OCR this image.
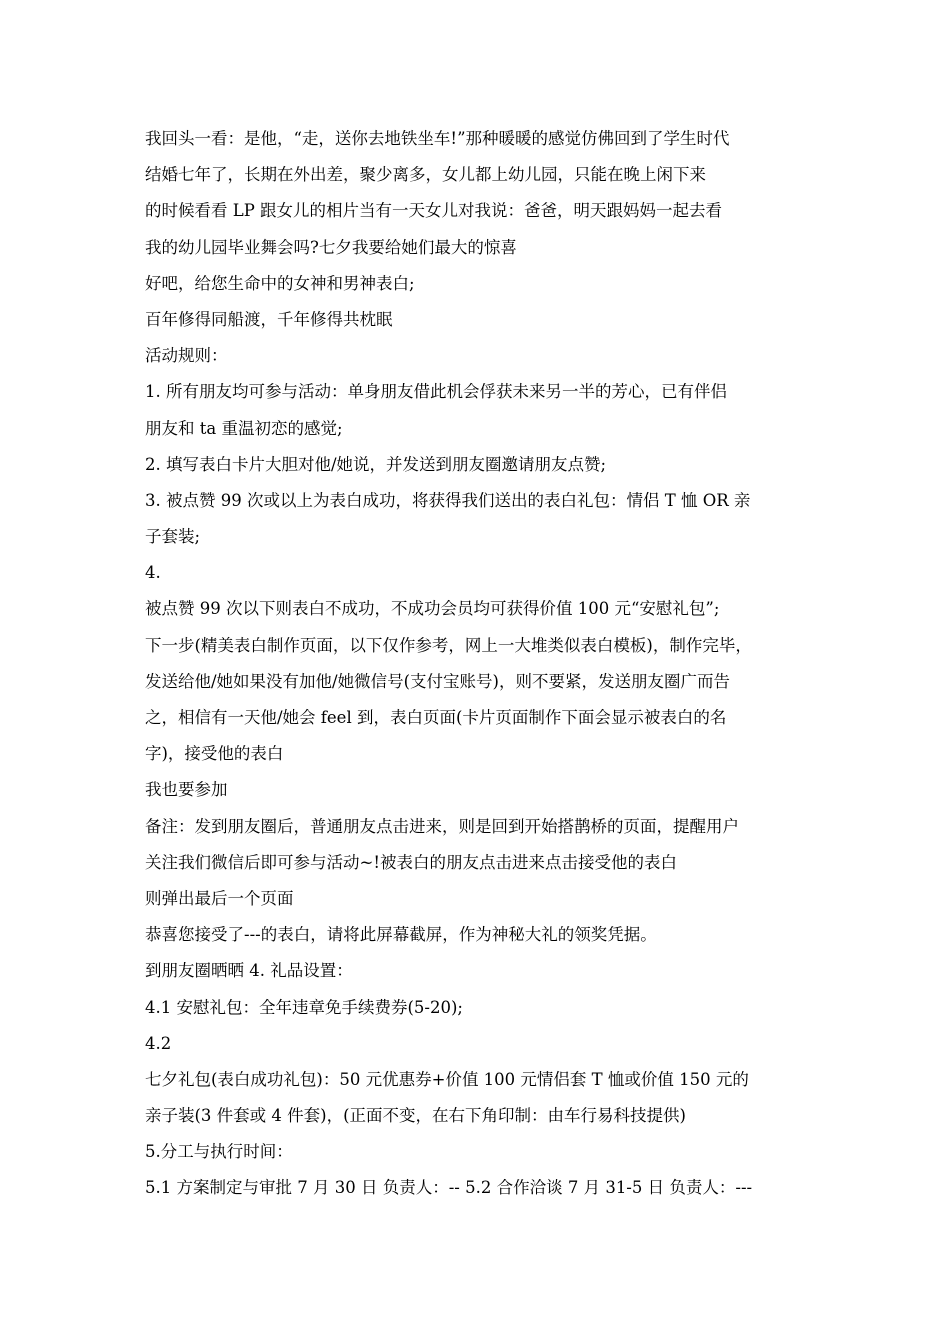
我回头一看：是他，“走，送你去地铁坐车!”那种暖暖的感觉仿佛回到了学生时代
结婚七年了，长期在外出差，聚少离多，女儿都上幼儿园，只能在晚上闲下来
的时候看看 LP 跟女儿的相片当有一天女儿对我说：爸爸，明天跟妈妈一起去看
我的幼儿园毕业舞会吗?七夕我要给她们最大的惊喜
好吧，给您生命中的女神和男神表白;
百年修得同船渡，千年修得共枕眠
活动规则：
1. 所有朋友均可参与活动：单身朋友借此机会俘获未来另一半的芳心，已有伴侣
朋友和 ta 重温初恋的感觉;
2. 填写表白卡片大胆对他/她说，并发送到朋友圈邀请朋友点赞;
3. 被点赞 99 次或以上为表白成功，将获得我们送出的表白礼包：情侣 T 恤 OR 亲
子套装;
4.
被点赞 99 次以下则表白不成功，不成功会员均可获得价值 100 元“安慰礼包”;
下一步(精美表白制作页面，以下仅作参考，网上一大堆类似表白模板)，制作完毕，
发送给他/她如果没有加他/她微信号(支付宝账号)，则不要紧，发送朋友圈广而告
之，相信有一天他/她会 feel 到，表白页面(卡片页面制作下面会显示被表白的名
字)，接受他的表白
我也要参加
备注：发到朋友圈后，普通朋友点击进来，则是回到开始搭鹊桥的页面，提醒用户
关注我们微信后即可参与活动~!被表白的朋友点击进来点击接受他的表白
则弹出最后一个页面
恭喜您接受了---的表白，请将此屏幕截屏，作为神秘大礼的领奖凭据。
到朋友圈晒晒 4. 礼品设置：
4.1 安慰礼包：全年违章免手续费券(5-20);
4.2
七夕礼包(表白成功礼包)：50 元优惠券+价值 100 元情侣套 T 恤或价值 150 元的
亲子装(3 件套或 4 件套)，(正面不变，在右下角印制：由车行易科技提供)
5.分工与执行时间：
5.1 方案制定与审批 7 月 30 日 负责人：-- 5.2 合作洽谈 7 月 31-5 日 负责人：---
